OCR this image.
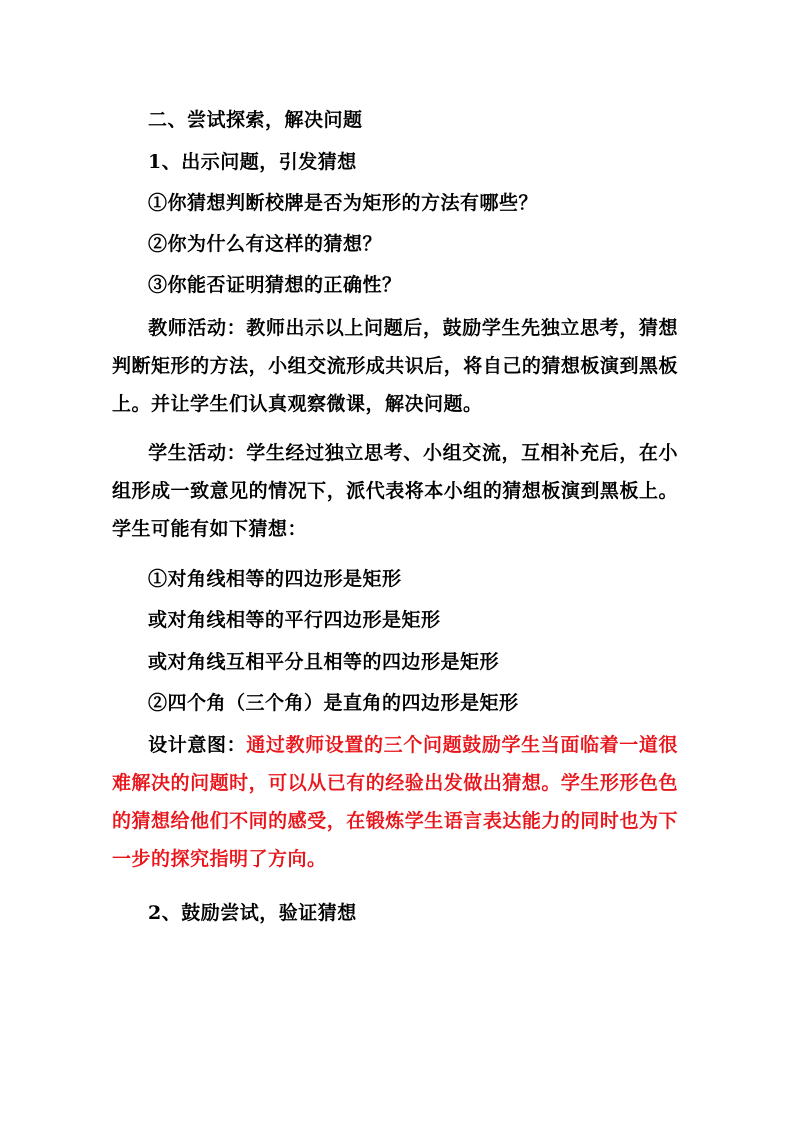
二、尝试探索，解决问题
1、出示问题，引发猜想
①你猜想判断校牌是否为矩形的方法有哪些？
②你为什么有这样的猜想？
③你能否证明猜想的正确性？
教师活动：教师出示以上问题后，鼓励学生先独立思考，猜想判断矩形的方法，小组交流形成共识后，将自己的猜想板演到黑板上。并让学生们认真观察微课，解决问题。
学生活动：学生经过独立思考、小组交流，互相补充后，在小组形成一致意见的情况下，派代表将本小组的猜想板演到黑板上。学生可能有如下猜想：
①对角线相等的四边形是矩形
或对角线相等的平行四边形是矩形
或对角线互相平分且相等的四边形是矩形
②四个角（三个角）是直角的四边形是矩形
设计意图：通过教师设置的三个问题鼓励学生当面临着一道很难解决的问题时，可以从已有的经验出发做出猜想。学生形形色色的猜想给他们不同的感受，在锻炼学生语言表达能力的同时也为下一步的探究指明了方向。
2、鼓励尝试，验证猜想
